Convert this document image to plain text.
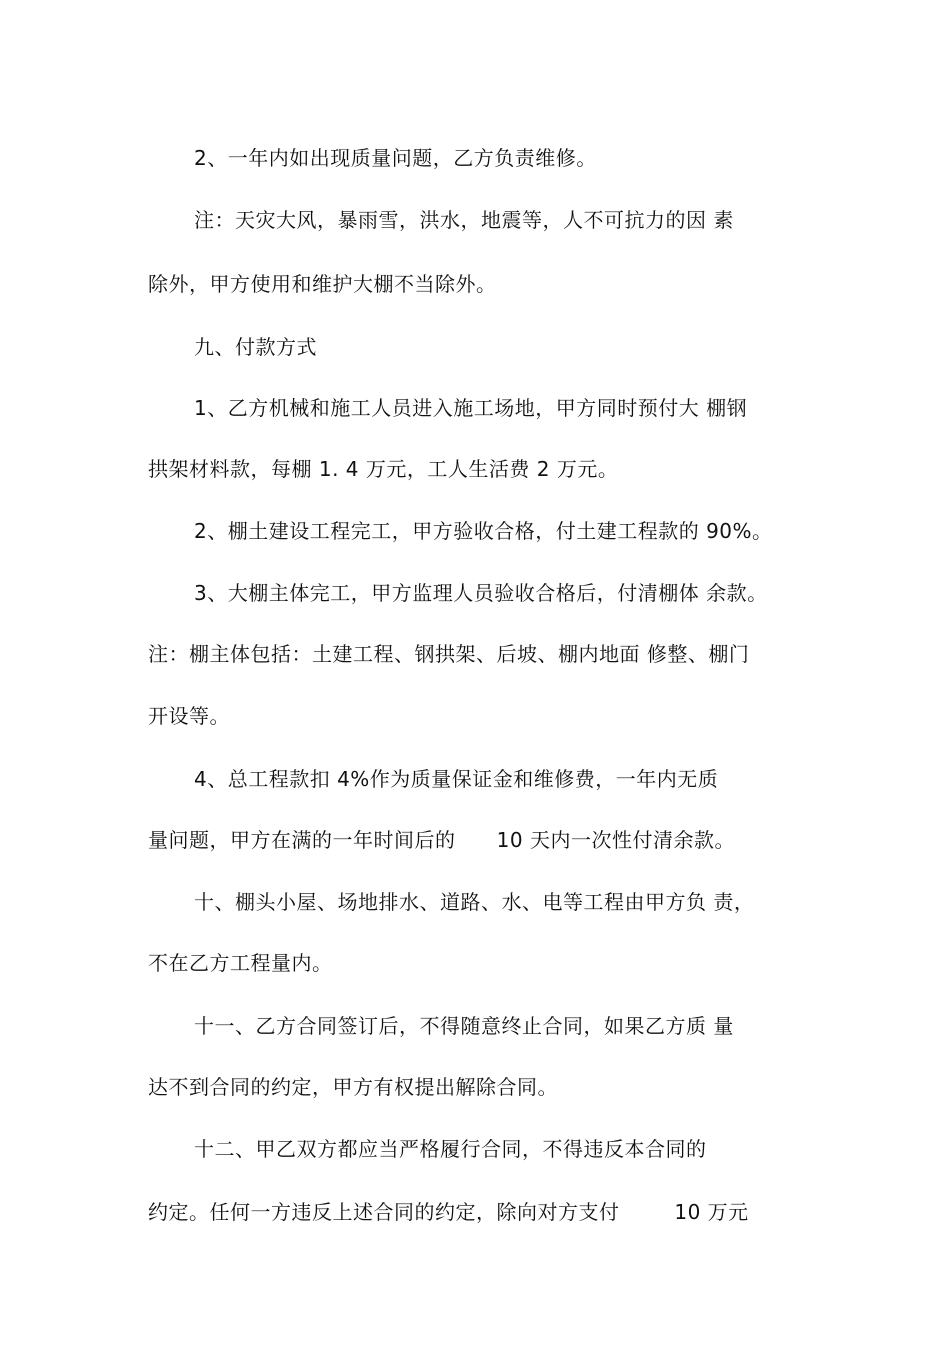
2、一年内如出现质量问题，乙方负责维修。
注：天灾大风，暴雨雪，洪水，地震等，人不可抗力的因 素
除外，甲方使用和维护大棚不当除外。
九、付款方式
1、乙方机械和施工人员进入施工场地，甲方同时预付大 棚钢
拱架材料款，每棚 1. 4 万元，工人生活费 2 万元。
2、棚土建设工程完工，甲方验收合格，付土建工程款的 90%。
3、大棚主体完工，甲方监理人员验收合格后，付清棚体 余款。
注：棚主体包括：土建工程、钢拱架、后坡、棚内地面 修整、棚门
开设等。
4、总工程款扣 4%作为质量保证金和维修费，一年内无质
量问题，甲方在满的一年时间后的      10 天内一次性付清余款。
十、棚头小屋、场地排水、道路、水、电等工程由甲方负 责，
不在乙方工程量内。
十一、乙方合同签订后，不得随意终止合同，如果乙方质 量
达不到合同的约定，甲方有权提出解除合同。
十二、甲乙双方都应当严格履行合同，不得违反本合同的
约定。任何一方违反上述合同的约定，除向对方支付        10 万元
